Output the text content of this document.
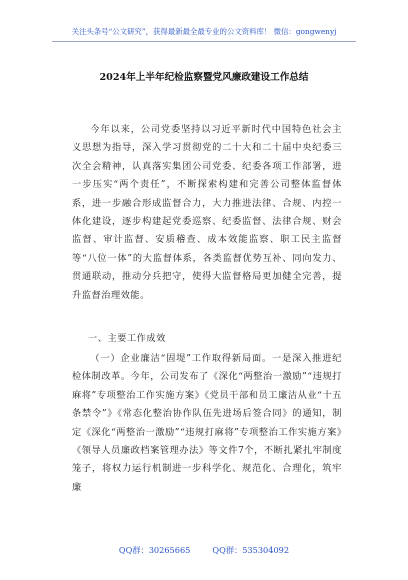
关注头条号“公文研究”，获得最新最全最专业的公文资料库！ 微信：gongwenyj
2024年上半年纪检监察暨党风廉政建设工作总结
今年以来，公司党委坚持以习近平新时代中国特色社会主义思想为指导，深入学习贯彻党的二十大和二十届中央纪委三次全会精神，认真落实集团公司党委、纪委各项工作部署，进一步压实“两个责任”，不断探索构建和完善公司整体监督体系，进一步融合形成监督合力，大力推进法律、合规、内控一体化建设，逐步构建起党委巡察、纪委监督、法律合规、财会监督、审计监督、安质稽查、成本效能监察、职工民主监督等“八位一体”的大监督体系，各类监督优势互补、同向发力、贯通联动，推动分兵把守，使得大监督格局更加健全完善，提升监督治理效能。
一、主要工作成效
（一）企业廉洁“固堤”工作取得新局面。一是深入推进纪检体制改革。今年，公司发布了《深化“两整治一激励”“违规打麻将”专项整治工作实施方案》《党员干部和员工廉洁从业“十五条禁令”》《常态化整治协作队伍先进场后签合同》的通知，制定《深化“两整治一激励”“违规打麻将”专项整治工作实施方案》《领导人员廉政档案管理办法》等文件7个，不断扎紧扎牢制度笼子，将权力运行机制进一步科学化、规范化、合理化，筑牢廉
QQ群：30265665	QQ群：535304092
